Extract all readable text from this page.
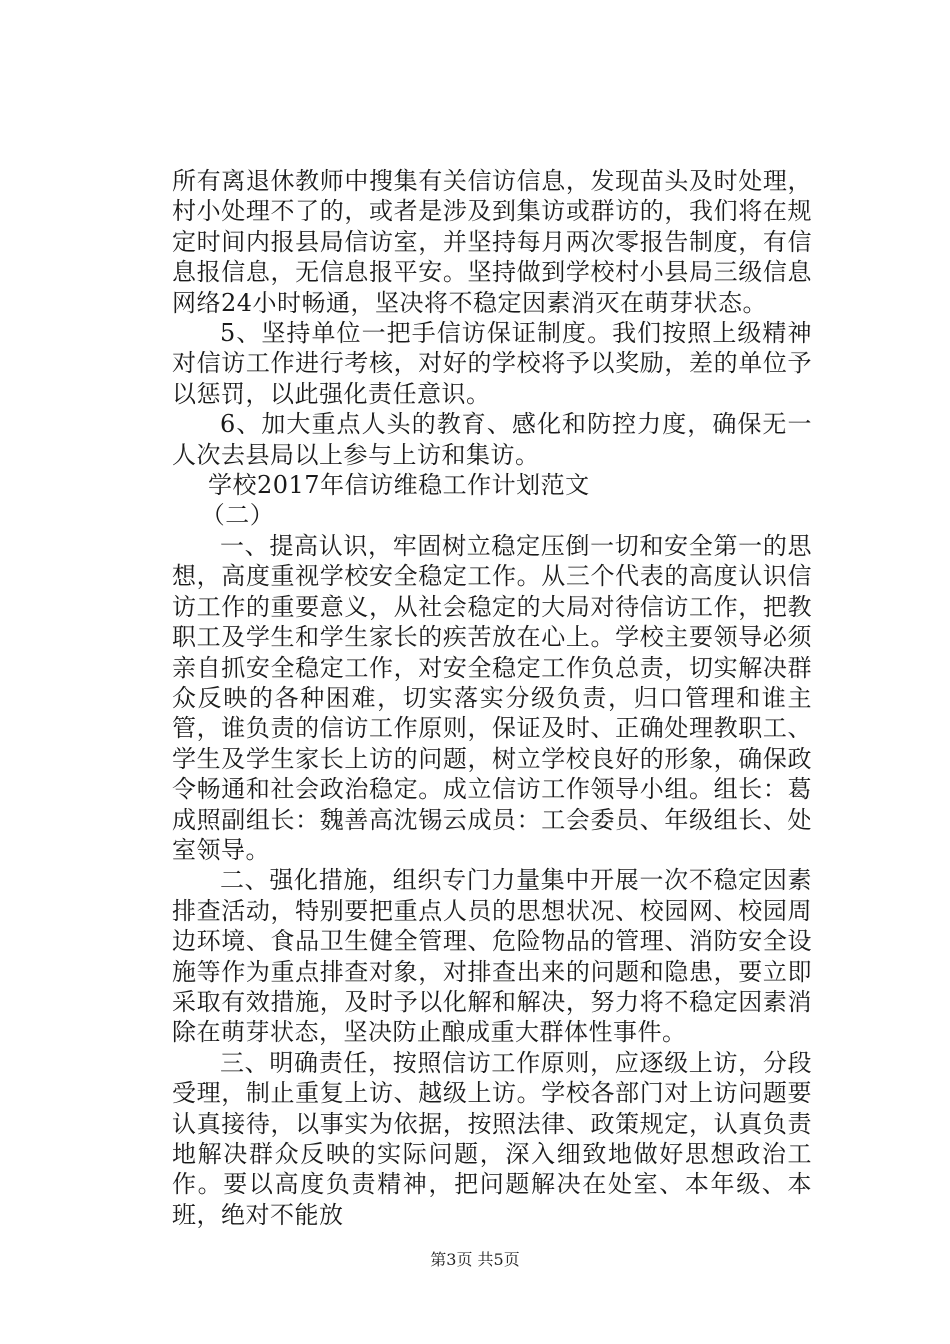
所有离退休教师中搜集有关信访信息，发现苗头及时处理，村小处理不了的，或者是涉及到集访或群访的，我们将在规定时间内报县局信访室，并坚持每月两次零报告制度，有信息报信息，无信息报平安。坚持做到学校村小县局三级信息网络24小时畅通，坚决将不稳定因素消灭在萌芽状态。

5、坚持单位一把手信访保证制度。我们按照上级精神对信访工作进行考核，对好的学校将予以奖励，差的单位予以惩罚，以此强化责任意识。

6、加大重点人头的教育、感化和防控力度，确保无一人次去县局以上参与上访和集访。

学校2017年信访维稳工作计划范文

（二）

一、提高认识，牢固树立稳定压倒一切和安全第一的思想，高度重视学校安全稳定工作。从三个代表的高度认识信访工作的重要意义，从社会稳定的大局对待信访工作，把教职工及学生和学生家长的疾苦放在心上。学校主要领导必须亲自抓安全稳定工作，对安全稳定工作负总责，切实解决群众反映的各种困难，切实落实分级负责，归口管理和谁主管，谁负责的信访工作原则，保证及时、正确处理教职工、学生及学生家长上访的问题，树立学校良好的形象，确保政令畅通和社会政治稳定。成立信访工作领导小组。组长：葛成照副组长：魏善高沈锡云成员：工会委员、年级组长、处室领导。

二、强化措施，组织专门力量集中开展一次不稳定因素排查活动，特别要把重点人员的思想状况、校园网、校园周边环境、食品卫生健全管理、危险物品的管理、消防安全设施等作为重点排查对象，对排查出来的问题和隐患，要立即采取有效措施，及时予以化解和解决，努力将不稳定因素消除在萌芽状态，坚决防止酿成重大群体性事件。

三、明确责任，按照信访工作原则，应逐级上访，分段受理，制止重复上访、越级上访。学校各部门对上访问题要认真接待，以事实为依据，按照法律、政策规定，认真负责地解决群众反映的实际问题，深入细致地做好思想政治工作。要以高度负责精神，把问题解决在处室、本年级、本班，绝对不能放

第3页 共5页
